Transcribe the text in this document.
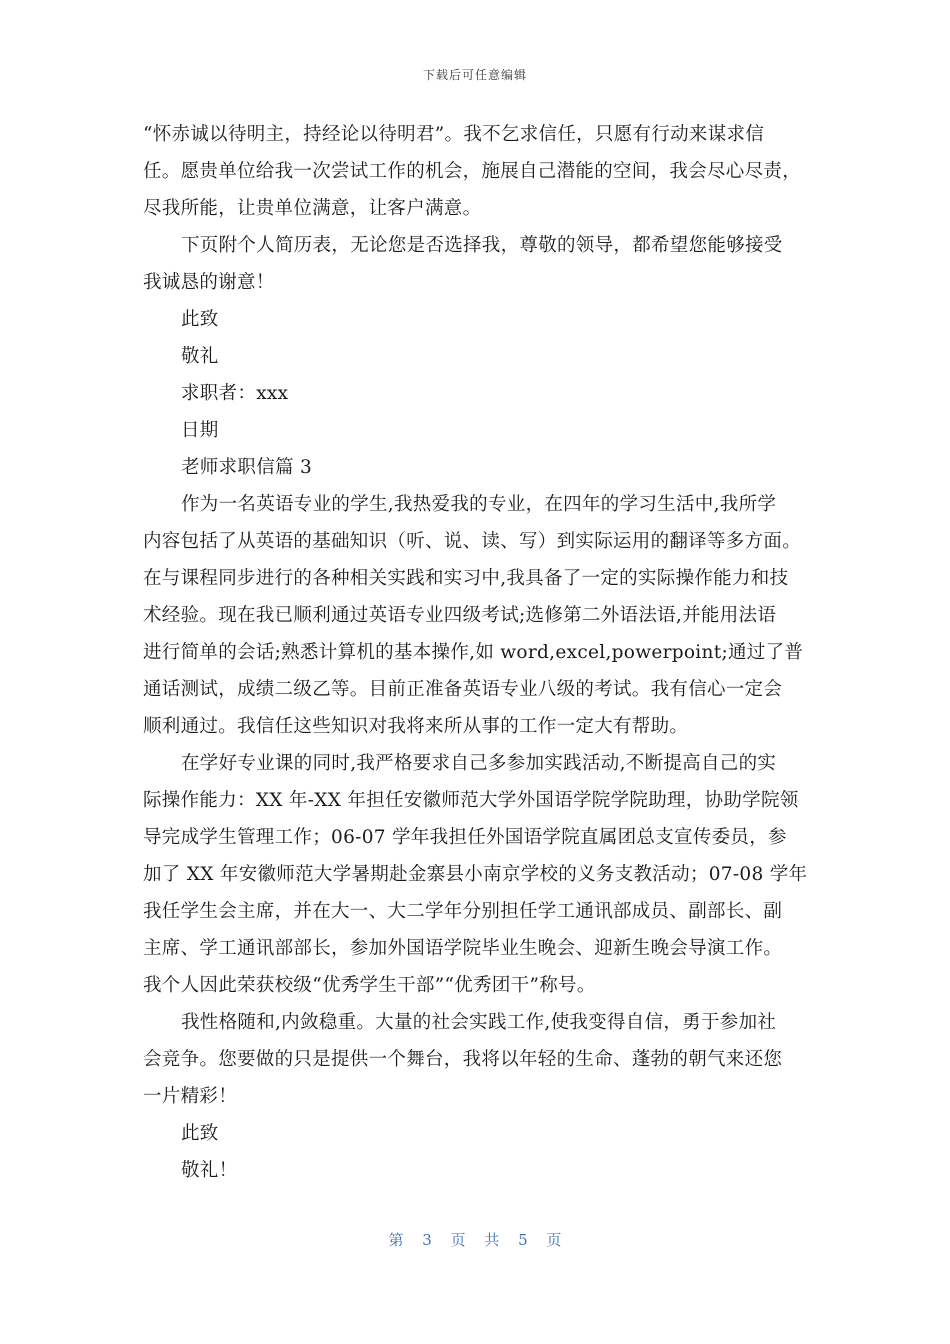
下载后可任意编辑
“怀赤诚以待明主，持经论以待明君”。我不乞求信任，只愿有行动来谋求信
任。愿贵单位给我一次尝试工作的机会，施展自己潜能的空间，我会尽心尽责，
尽我所能，让贵单位满意，让客户满意。
下页附个人简历表，无论您是否选择我，尊敬的领导，都希望您能够接受
我诚恳的谢意！
此致
敬礼
求职者：xxx
日期
老师求职信篇 3
作为一名英语专业的学生,我热爱我的专业，在四年的学习生活中,我所学
内容包括了从英语的基础知识（听、说、读、写）到实际运用的翻译等多方面。
在与课程同步进行的各种相关实践和实习中,我具备了一定的实际操作能力和技
术经验。现在我已顺利通过英语专业四级考试;选修第二外语法语,并能用法语
进行简单的会话;熟悉计算机的基本操作,如 word,excel,powerpoint;通过了普
通话测试，成绩二级乙等。目前正准备英语专业八级的考试。我有信心一定会
顺利通过。我信任这些知识对我将来所从事的工作一定大有帮助。
在学好专业课的同时,我严格要求自己多参加实践活动,不断提高自己的实
际操作能力：XX 年-XX 年担任安徽师范大学外国语学院学院助理，协助学院领
导完成学生管理工作；06-07 学年我担任外国语学院直属团总支宣传委员，参
加了 XX 年安徽师范大学暑期赴金寨县小南京学校的义务支教活动；07-08 学年
我任学生会主席，并在大一、大二学年分别担任学工通讯部成员、副部长、副
主席、学工通讯部部长，参加外国语学院毕业生晚会、迎新生晚会导演工作。
我个人因此荣获校级“优秀学生干部”“优秀团干”称号。
我性格随和,内敛稳重。大量的社会实践工作,使我变得自信，勇于参加社
会竞争。您要做的只是提供一个舞台，我将以年轻的生命、蓬勃的朝气来还您
一片精彩！
此致
敬礼！
第 3 页 共 5 页
